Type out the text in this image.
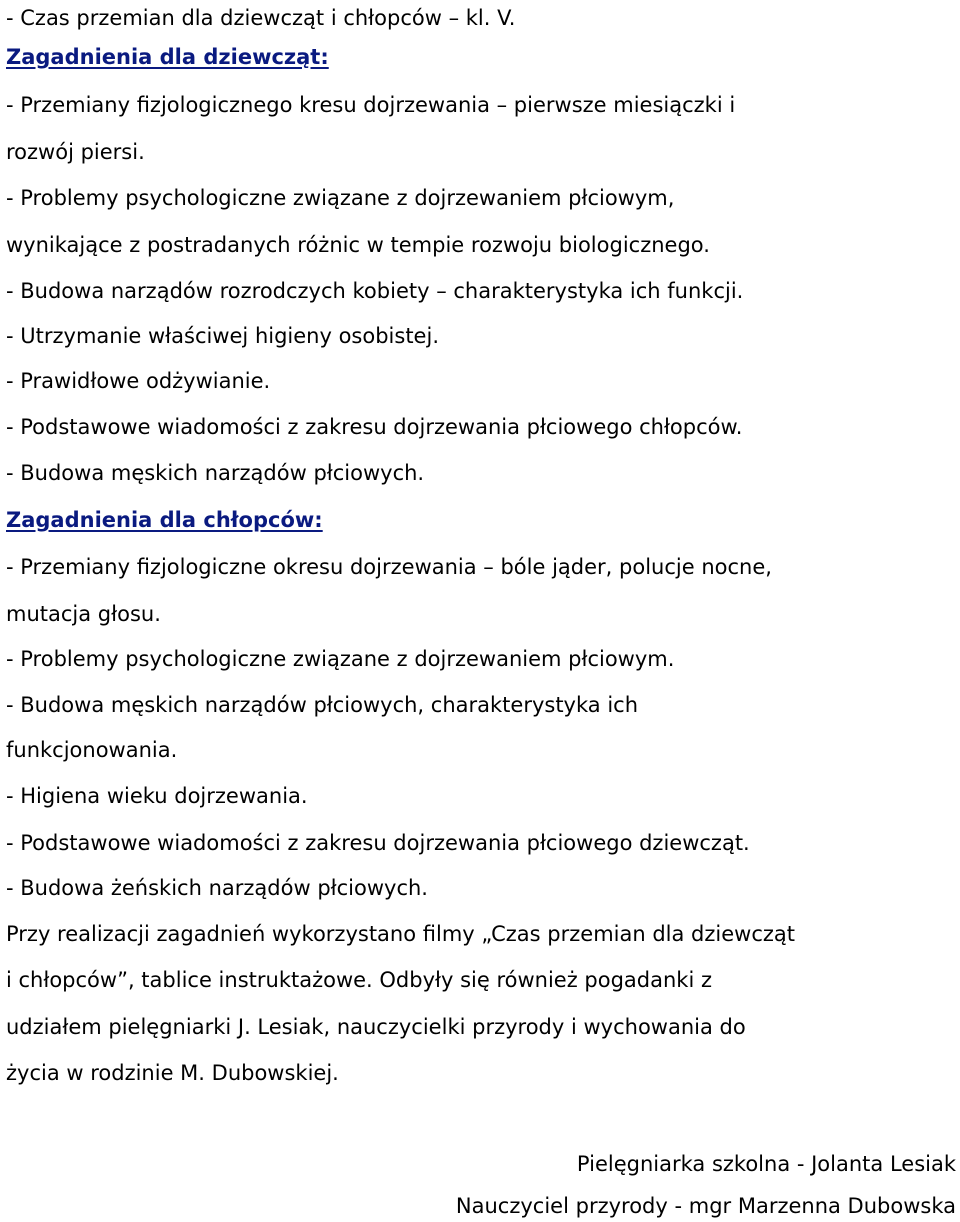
- Czas przemian dla dziewcząt i chłopców – kl. V.

Zagadnienia dla dziewcząt:

- Przemiany fizjologicznego kresu dojrzewania – pierwsze miesiączki i

rozwój piersi.

- Problemy psychologiczne związane z dojrzewaniem płciowym,

wynikające z postradanych różnic w tempie rozwoju biologicznego.

- Budowa narządów rozrodczych kobiety – charakterystyka ich funkcji.

- Utrzymanie właściwej higieny osobistej.

- Prawidłowe odżywianie.

- Podstawowe wiadomości z zakresu dojrzewania płciowego chłopców.

- Budowa męskich narządów płciowych.

Zagadnienia dla chłopców:

- Przemiany fizjologiczne okresu dojrzewania – bóle jąder, polucje nocne,

mutacja głosu.

- Problemy psychologiczne związane z dojrzewaniem płciowym.

- Budowa męskich narządów płciowych, charakterystyka ich

funkcjonowania.

- Higiena wieku dojrzewania.

- Podstawowe wiadomości z zakresu dojrzewania płciowego dziewcząt.

- Budowa żeńskich narządów płciowych.

Przy realizacji zagadnień wykorzystano filmy „Czas przemian dla dziewcząt

i chłopców”, tablice instruktażowe. Odbyły się również pogadanki z

udziałem pielęgniarki J. Lesiak, nauczycielki przyrody i wychowania do

życia w rodzinie M. Dubowskiej.

Pielęgniarka szkolna - Jolanta Lesiak

Nauczyciel przyrody - mgr Marzenna Dubowska
